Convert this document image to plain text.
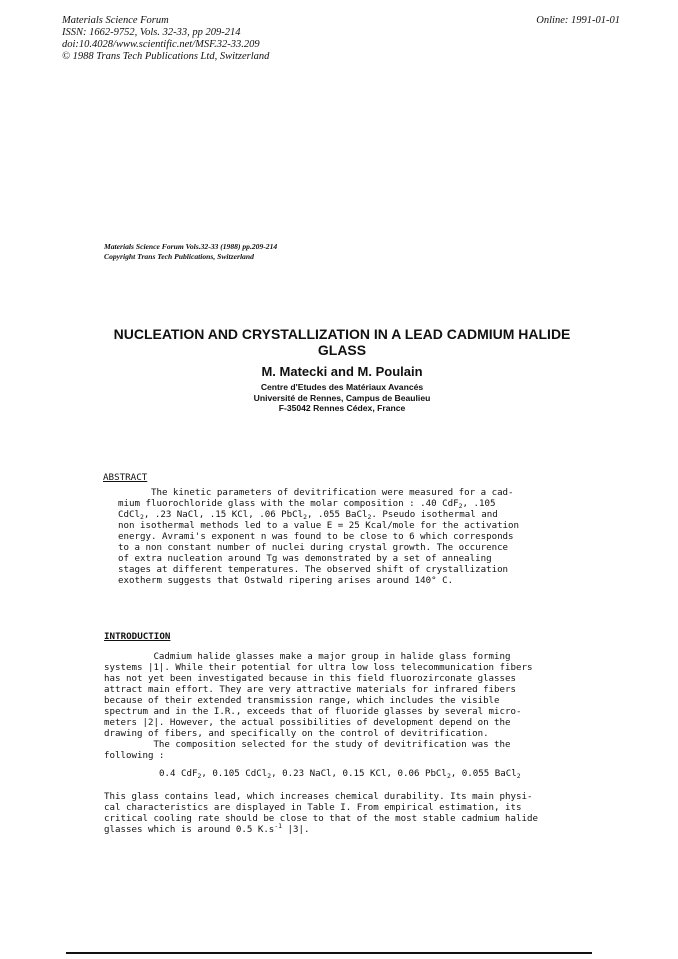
Materials Science Forum
ISSN: 1662-9752, Vols. 32-33, pp 209-214
doi:10.4028/www.scientific.net/MSF.32-33.209
© 1988 Trans Tech Publications Ltd, Switzerland
Online: 1991-01-01
Materials Science Forum Vols.32-33 (1988) pp.209-214
Copyright Trans Tech Publications, Switzerland
NUCLEATION AND CRYSTALLIZATION IN A LEAD CADMIUM HALIDE
GLASS
M. Matecki and M. Poulain
Centre d'Etudes des Matériaux Avancés
Université de Rennes, Campus de Beaulieu
F-35042 Rennes Cédex, France
ABSTRACT
The kinetic parameters of devitrification were measured for a cad-
mium fluorochloride glass with the molar composition : .40 CdF$_2$, .105
CdCl$_2$, .23 NaCl, .15 KCl, .06 PbCl$_2$, .055 BaCl$_2$. Pseudo isothermal and
non isothermal methods led to a value E = 25 Kcal/mole for the activation
energy. Avrami's exponent n was found to be close to 6 which corresponds
to a non constant number of nuclei during crystal growth. The occurence
of extra nucleation around Tg was demonstrated by a set of annealing
stages at different temperatures. The observed shift of crystallization
exotherm suggests that Ostwald ripering arises around 140° C.
INTRODUCTION
Cadmium halide glasses make a major group in halide glass forming
systems |1|. While their potential for ultra low loss telecommunication fibers
has not yet been investigated because in this field fluorozirconate glasses
attract main effort. They are very attractive materials for infrared fibers
because of their extended transmission range, which includes the visible
spectrum and in the I.R., exceeds that of fluoride glasses by several micro-
meters |2|. However, the actual possibilities of development depend on the
drawing of fibers, and specifically on the control of devitrification.
The composition selected for the study of devitrification was the
following :
0.4 CdF$_2$, 0.105 CdCl$_2$, 0.23 NaCl, 0.15 KCl, 0.06 PbCl$_2$, 0.055 BaCl$_2$
This glass contains lead, which increases chemical durability. Its main physi-
cal characteristics are displayed in Table I. From empirical estimation, its
critical cooling rate should be close to that of the most stable cadmium halide
glasses which is around 0.5 $K.s^{-1}$ |3|.
